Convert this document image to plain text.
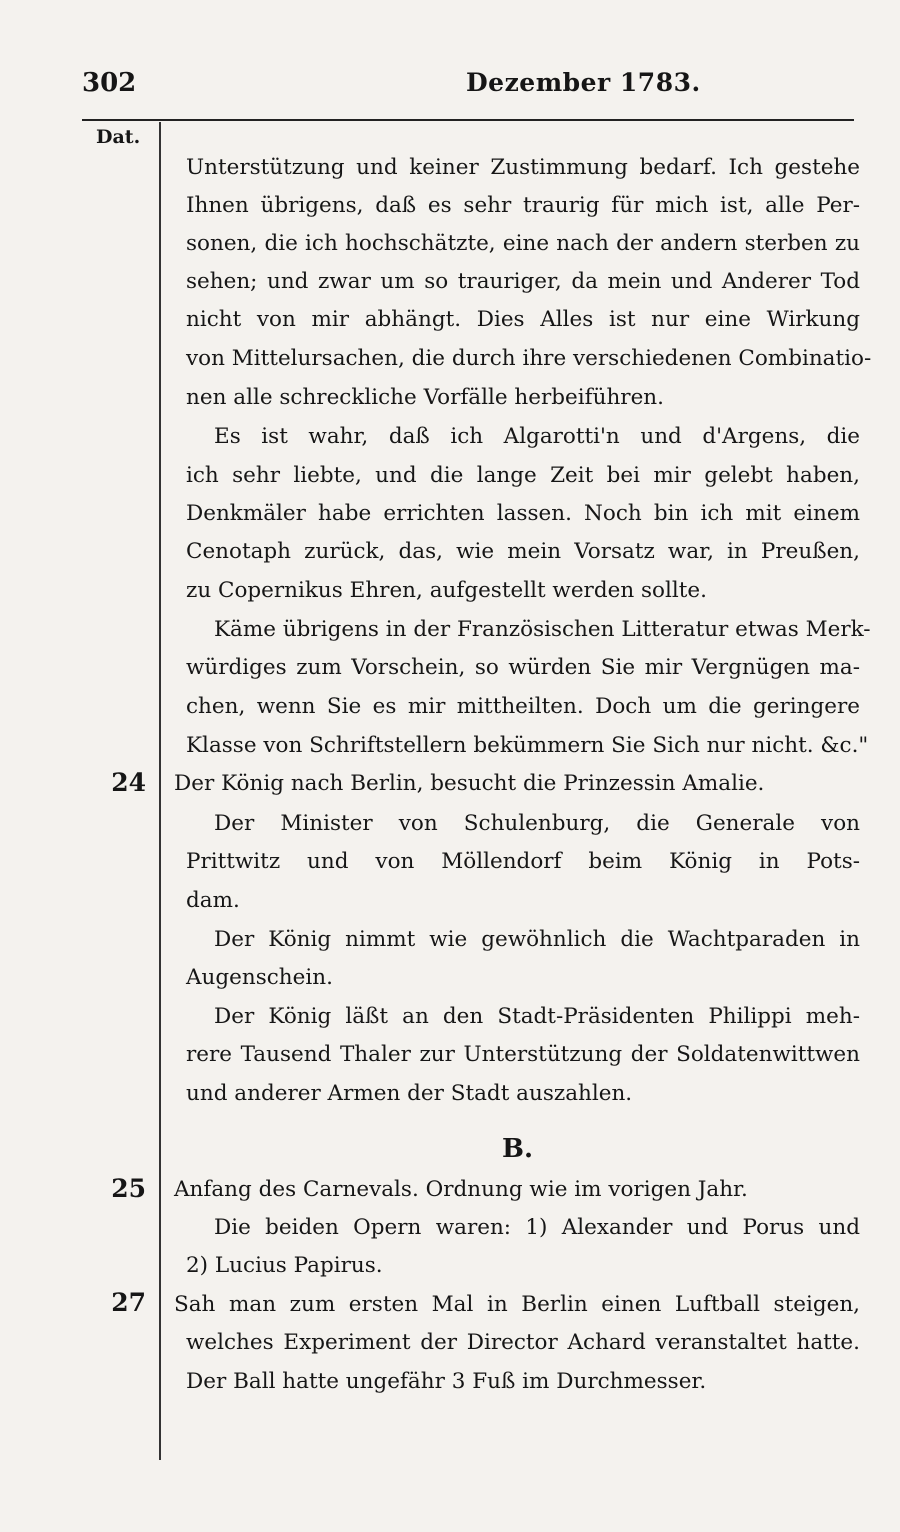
302	Dezember 1783.
Dat.
24
25
27
B.
Unterstützung und keiner Zustimmung bedarf. Ich gestehe
Ihnen übrigens, daß es sehr traurig für mich ist, alle Per-
sonen, die ich hochschätzte, eine nach der andern sterben zu
sehen; und zwar um so trauriger, da mein und Anderer Tod
nicht von mir abhängt. Dies Alles ist nur eine Wirkung
von Mittelursachen, die durch ihre verschiedenen Combinatio-
nen alle schreckliche Vorfälle herbeiführen.
Es ist wahr, daß ich Algarotti'n und d'Argens, die
ich sehr liebte, und die lange Zeit bei mir gelebt haben,
Denkmäler habe errichten lassen. Noch bin ich mit einem
Cenotaph zurück, das, wie mein Vorsatz war, in Preußen,
zu Copernikus Ehren, aufgestellt werden sollte.
Käme übrigens in der Französischen Litteratur etwas Merk-
würdiges zum Vorschein, so würden Sie mir Vergnügen ma-
chen, wenn Sie es mir mittheilten. Doch um die geringere
Klasse von Schriftstellern bekümmern Sie Sich nur nicht. &c."
Der König nach Berlin, besucht die Prinzessin Amalie.
Der Minister von Schulenburg, die Generale von
Prittwitz und von Möllendorf beim König in Pots-
dam.
Der König nimmt wie gewöhnlich die Wachtparaden in
Augenschein.
Der König läßt an den Stadt-Präsidenten Philippi meh-
rere Tausend Thaler zur Unterstützung der Soldatenwittwen
und anderer Armen der Stadt auszahlen.
Anfang des Carnevals. Ordnung wie im vorigen Jahr.
Die beiden Opern waren: 1) Alexander und Porus und
2) Lucius Papirus.
Sah man zum ersten Mal in Berlin einen Luftball steigen,
welches Experiment der Director Achard veranstaltet hatte.
Der Ball hatte ungefähr 3 Fuß im Durchmesser.
